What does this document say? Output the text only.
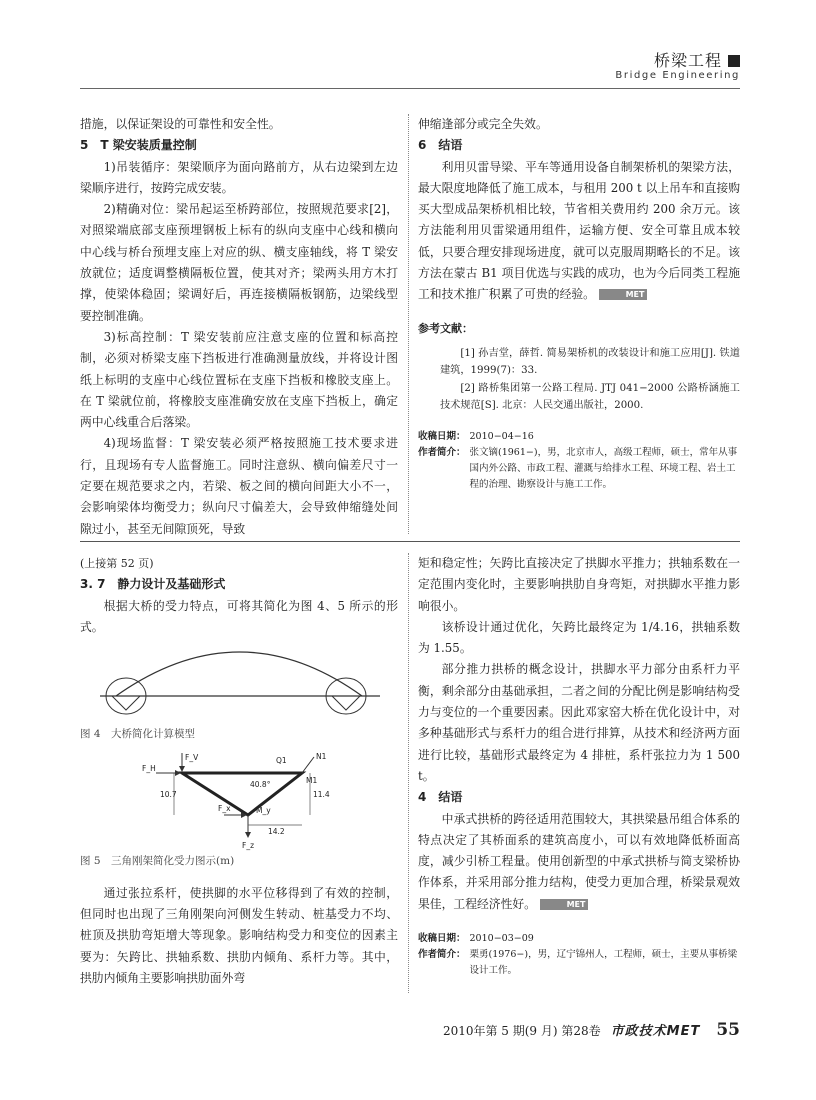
桥梁工程
Bridge Engineering

措施，以保证架设的可靠性和安全性。

5　T 梁安装质量控制

1)吊装循序：架梁顺序为面向路前方，从右边梁到左边梁顺序进行，按跨完成安装。

2)精确对位：梁吊起运至桥跨部位，按照规范要求[2]，对照梁端底部支座预埋钢板上标有的纵向支座中心线和横向中心线与桥台预埋支座上对应的纵、横支座轴线，将 T 梁安放就位；适度调整横隔板位置，使其对齐；梁两头用方木打撑，使梁体稳固；梁调好后，再连接横隔板钢筋，边梁线型要控制准确。

3)标高控制：T 梁安装前应注意支座的位置和标高控制，必须对桥梁支座下挡板进行准确测量放线，并将设计图纸上标明的支座中心线位置标在支座下挡板和橡胶支座上。在 T 梁就位前，将橡胶支座准确安放在支座下挡板上，确定两中心线重合后落梁。

4)现场监督：T 梁安装必须严格按照施工技术要求进行，且现场有专人监督施工。同时注意纵、横向偏差尺寸一定要在规范要求之内，若梁、板之间的横向间距大小不一，会影响梁体均衡受力；纵向尺寸偏差大，会导致伸缩缝处间隙过小，甚至无间隙顶死，导致

伸缩逢部分或完全失效。

6　结语

利用贝雷导梁、平车等通用设备自制架桥机的架梁方法，最大限度地降低了施工成本，与租用 200 t 以上吊车和直接购买大型成品架桥机相比较，节省相关费用约 200 余万元。该方法能利用贝雷梁通用组件，运输方便、安全可靠且成本较低，只要合理安排现场进度，就可以克服周期略长的不足。该方法在蒙古 B1 项目优选与实践的成功，也为今后同类工程施工和技术推广积累了可贵的经验。	MET

参考文献：

[1] 孙吉堂，薛哲. 简易架桥机的改装设计和施工应用[J]. 铁道建筑，1999(7)：33.

[2] 路桥集团第一公路工程局. JTJ 041−2000 公路桥涵施工技术规范[S]. 北京：人民交通出版社，2000.

收稿日期： 2010−04−16
作者简介： 张文镝(1961−)，男，北京市人，高级工程师，硕士，常年从事国内外公路、市政工程、灌溉与给排水工程、环境工程、岩土工程的治理、勘察设计与施工工作。

(上接第 52 页)

3. 7　静力设计及基础形式

根据大桥的受力特点，可将其简化为图 4、5 所示的形式。

图 4　大桥简化计算模型

F_H
F_V	Q1	N1
M1
40.8°
10.7	11.4
14.2
F_x	M_y
F_z

图 5　三角刚架简化受力图示(m)

通过张拉系杆，使拱脚的水平位移得到了有效的控制，但同时也出现了三角刚架向河侧发生转动、桩基受力不均、桩顶及拱肋弯矩增大等现象。影响结构受力和变位的因素主要为：矢跨比、拱轴系数、拱肋内倾角、系杆力等。其中，拱肋内倾角主要影响拱肋面外弯

矩和稳定性；矢跨比直接决定了拱脚水平推力；拱轴系数在一定范围内变化时，主要影响拱肋自身弯矩，对拱脚水平推力影响很小。

该桥设计通过优化，矢跨比最终定为 1/4.16，拱轴系数为 1.55。

部分推力拱桥的概念设计，拱脚水平力部分由系杆力平衡，剩余部分由基础承担，二者之间的分配比例是影响结构受力与变位的一个重要因素。因此邓家窑大桥在优化设计中，对多种基础形式与系杆力的组合进行排算，从技术和经济两方面进行比较，基础形式最终定为 4 排桩，系杆张拉力为 1 500 t。

4　结语

中承式拱桥的跨径适用范围较大，其拱梁悬吊组合体系的特点决定了其桥面系的建筑高度小，可以有效地降低桥面高度，减少引桥工程量。使用创新型的中承式拱桥与简支梁桥协作体系，并采用部分推力结构，使受力更加合理，桥梁景观效果佳，工程经济性好。	MET

收稿日期： 2010−03−09
作者简介： 栗勇(1976−)，男，辽宁锦州人，工程师，硕士，主要从事桥梁设计工作。
2010年第 5 期(9 月) 第28卷 市政技术MET 55
